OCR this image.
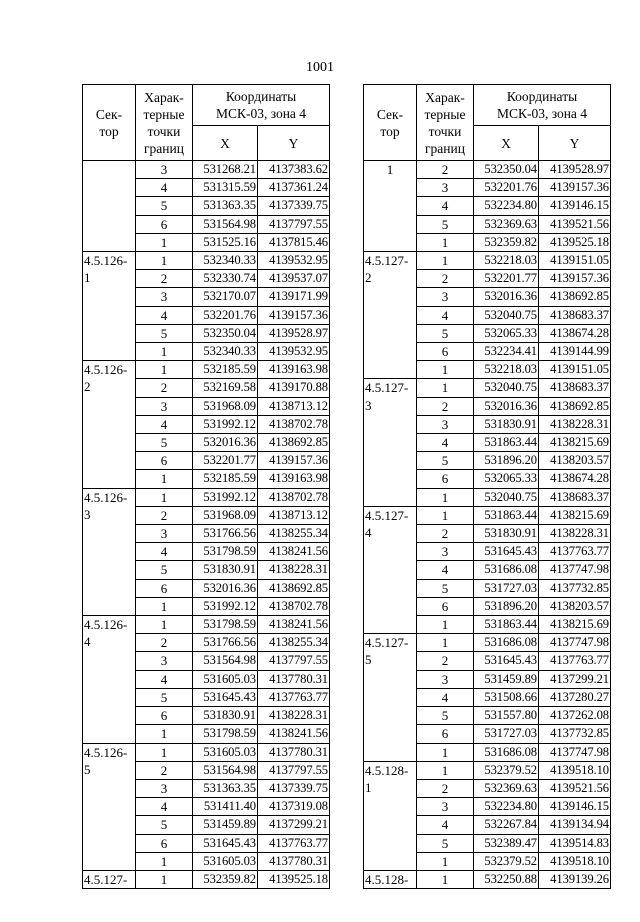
1001
Сек-
тор	Харак-
терные
точки
границ	Координаты
МСК-03, зона 4	

		X	Y
	3	531268.21	4137383.62
	4	531315.59	4137361.24
	5	531363.35	4137339.75
	6	531564.98	4137797.55
	1	531525.16	4137815.46

4.5.126-
1	1	532340.33	4139532.95
	2	532330.74	4139537.07
	3	532170.07	4139171.99
	4	532201.76	4139157.36
	5	532350.04	4139528.97
	1	532340.33	4139532.95

4.5.126-
2	1	532185.59	4139163.98
	2	532169.58	4139170.88
	3	531968.09	4138713.12
	4	531992.12	4138702.78
	5	532016.36	4138692.85
	6	532201.77	4139157.36
	1	532185.59	4139163.98

4.5.126-
3	1	531992.12	4138702.78
	2	531968.09	4138713.12
	3	531766.56	4138255.34
	4	531798.59	4138241.56
	5	531830.91	4138228.31
	6	532016.36	4138692.85
	1	531992.12	4138702.78

4.5.126-
4	1	531798.59	4138241.56
	2	531766.56	4138255.34
	3	531564.98	4137797.55
	4	531605.03	4137780.31
	5	531645.43	4137763.77
	6	531830.91	4138228.31
	1	531798.59	4138241.56

4.5.126-
5	1	531605.03	4137780.31
	2	531564.98	4137797.55
	3	531363.35	4137339.75
	4	531411.40	4137319.08
	5	531459.89	4137299.21
	6	531645.43	4137763.77
	1	531605.03	4137780.31

4.5.127-	1	532359.82	4139525.18
Сек-
тор	Харак-
терные
точки
границ	Координаты
МСК-03, зона 4	

		X	Y

1	2	532350.04	4139528.97
	3	532201.76	4139157.36
	4	532234.80	4139146.15
	5	532369.63	4139521.56
	1	532359.82	4139525.18

4.5.127-
2	1	532218.03	4139151.05
	2	532201.77	4139157.36
	3	532016.36	4138692.85
	4	532040.75	4138683.37
	5	532065.33	4138674.28
	6	532234.41	4139144.99
	1	532218.03	4139151.05

4.5.127-
3	1	532040.75	4138683.37
	2	532016.36	4138692.85
	3	531830.91	4138228.31
	4	531863.44	4138215.69
	5	531896.20	4138203.57
	6	532065.33	4138674.28
	1	532040.75	4138683.37

4.5.127-
4	1	531863.44	4138215.69
	2	531830.91	4138228.31
	3	531645.43	4137763.77
	4	531686.08	4137747.98
	5	531727.03	4137732.85
	6	531896.20	4138203.57
	1	531863.44	4138215.69

4.5.127-
5	1	531686.08	4137747.98
	2	531645.43	4137763.77
	3	531459.89	4137299.21
	4	531508.66	4137280.27
	5	531557.80	4137262.08
	6	531727.03	4137732.85
	1	531686.08	4137747.98

4.5.128-
1	1	532379.52	4139518.10
	2	532369.63	4139521.56
	3	532234.80	4139146.15
	4	532267.84	4139134.94
	5	532389.47	4139514.83
	1	532379.52	4139518.10

4.5.128-	1	532250.88	4139139.26
